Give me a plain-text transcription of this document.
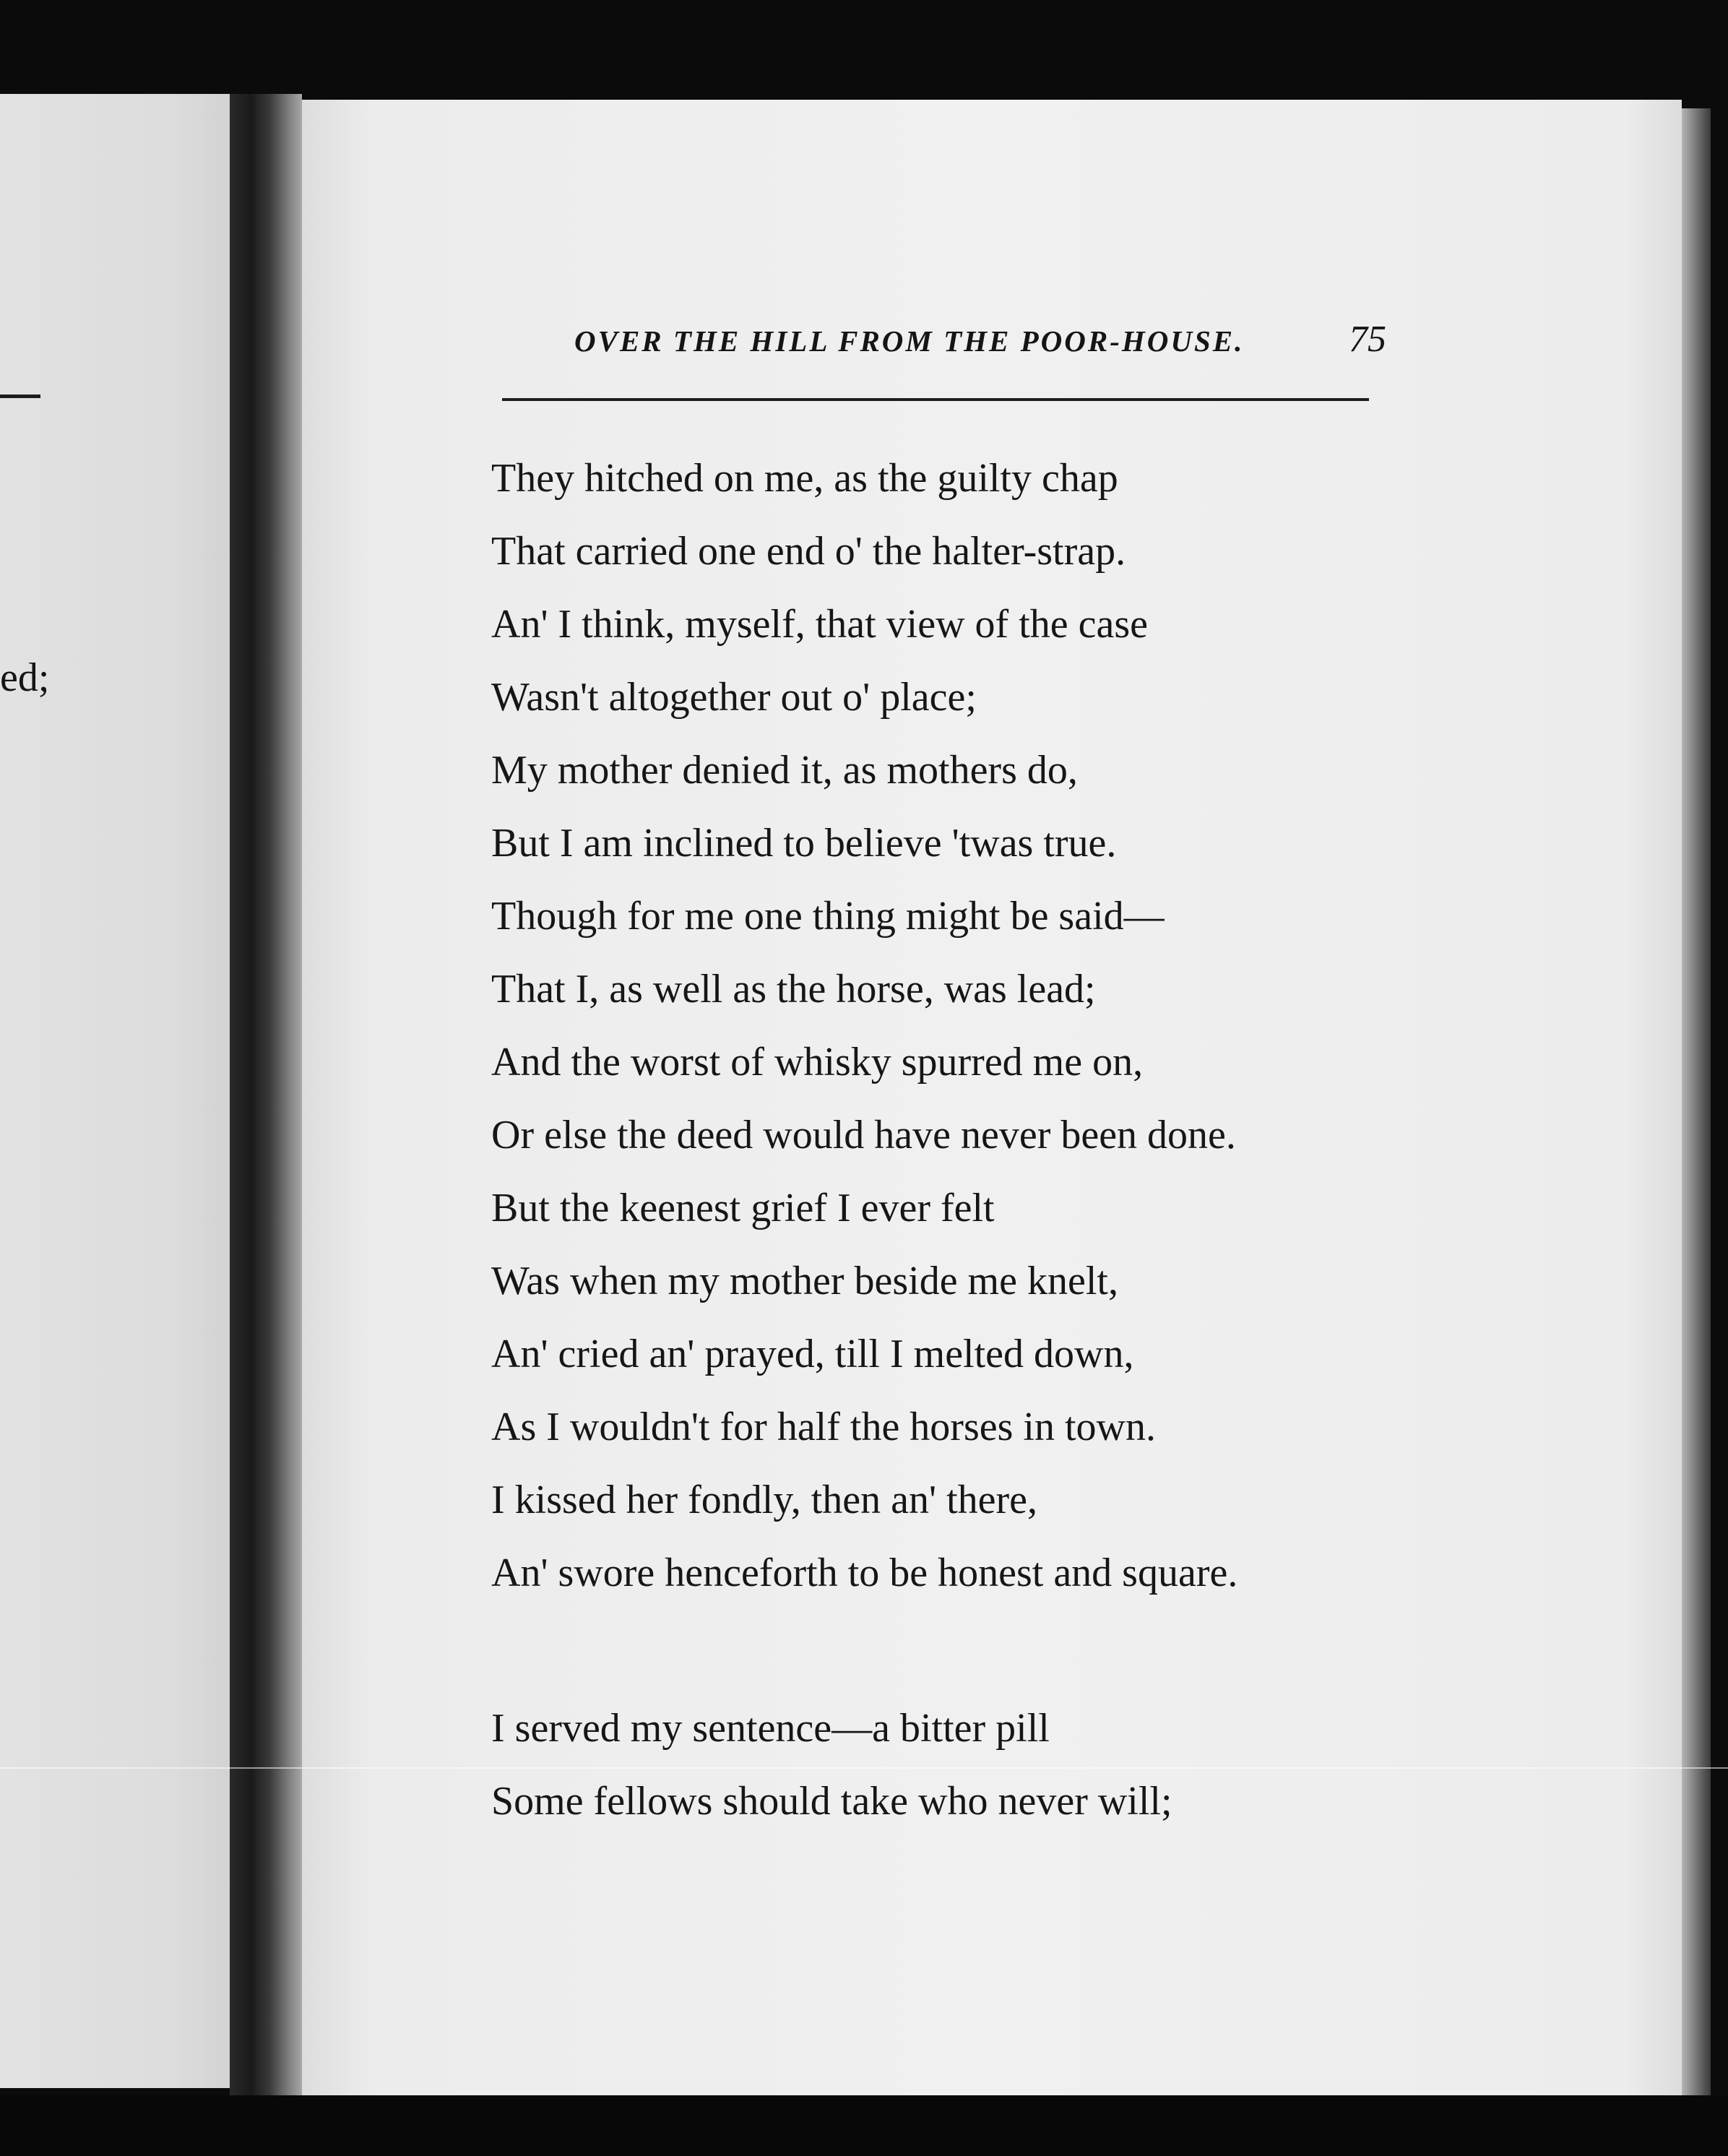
ed;
OVER THE HILL FROM THE POOR-HOUSE.	75
They hitched on me, as the guilty chap
That carried one end o' the halter-strap.
An' I think, myself, that view of the case
Wasn't altogether out o' place;
My mother denied it, as mothers do,
But I am inclined to believe 'twas true.
Though for me one thing might be said—
That I, as well as the horse, was lead;
And the worst of whisky spurred me on,
Or else the deed would have never been done.
But the keenest grief I ever felt
Was when my mother beside me knelt,
An' cried an' prayed, till I melted down,
As I wouldn't for half the horses in town.
I kissed her fondly, then an' there,
An' swore henceforth to be honest and square.
I served my sentence—a bitter pill
Some fellows should take who never will;
